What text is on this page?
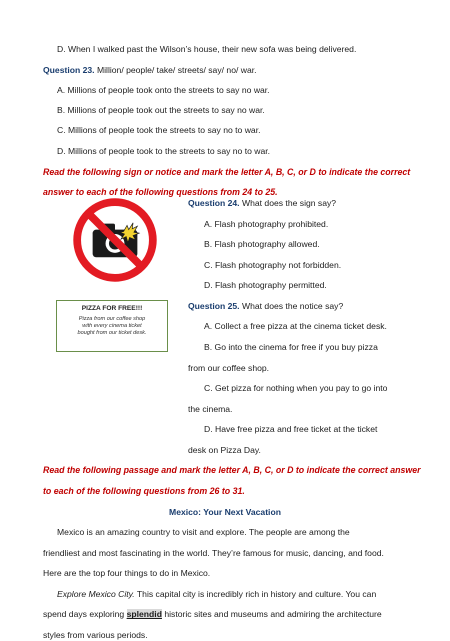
D. When I walked past the Wilson’s house, their new sofa was being delivered.
Question 23. Million/ people/ take/ streets/ say/ no/ war.
A. Millions of people took onto the streets to say no war.
B. Millions of people took out the streets to say no war.
C. Millions of people took the streets to say no to war.
D. Millions of people took to the streets to say no to war.
Read the following sign or notice and mark the letter A, B, C, or D to indicate the correct
answer to each of the following questions from 24 to 25.
Question 24. What does the sign say?
A. Flash photography prohibited.
B. Flash photography allowed.
C. Flash photography not forbidden.
D. Flash photography permitted.
Question 25. What does the notice say?
PIZZA FOR FREE!!!
Pizza from our coffee shop
with every cinema ticket
bought from our ticket desk.
A. Collect a free pizza at the cinema ticket desk.
B. Go into the cinema for free if you buy pizza
from our coffee shop.
C. Get pizza for nothing when you pay to go into
the cinema.
D. Have free pizza and free ticket at the ticket
desk on Pizza Day.
Read the following passage and mark the letter A, B, C, or D to indicate the correct answer
to each of the following questions from 26 to 31.
Mexico: Your Next Vacation
Mexico is an amazing country to visit and explore. The people are among the
friendliest and most fascinating in the world. They’re famous for music, dancing, and food.
Here are the top four things to do in Mexico.
Explore Mexico City. This capital city is incredibly rich in history and culture. You can
spend days exploring splendid historic sites and museums and admiring the architecture
styles from various periods.
